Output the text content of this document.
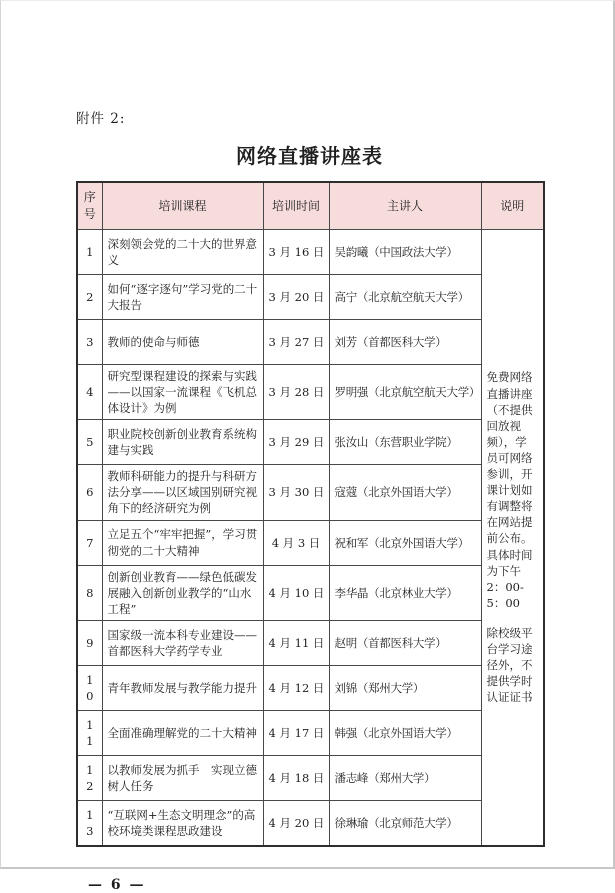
附件 2:
网络直播讲座表
序号	培训课程	培训时间	主讲人	说明
1	深刻领会党的二十大的世界意义	3 月 16 日	吴韵曦（中国政法大学）	免费网络直播讲座（不提供回放视频），学员可网络参训，开课计划如有调整将在网站提前公布。具体时间为下午 2：00-5：00

除校级平台学习途径外，不提供学时认证证书

2	如何“逐字逐句”学习党的二十大报告	3 月 20 日	高宁（北京航空航天大学）	
3	教师的使命与师德	3 月 27 日	刘芳（首都医科大学）	
4	研究型课程建设的探索与实践——以国家一流课程《飞机总体设计》为例	3 月 28 日	罗明强（北京航空航天大学）	
5	职业院校创新创业教育系统构建与实践	3 月 29 日	张汝山（东营职业学院）	
6	教师科研能力的提升与科研方法分享——以区域国别研究视角下的经济研究为例	3 月 30 日	寇蔻（北京外国语大学）	
7	立足五个“牢牢把握”，学习贯彻党的二十大精神	4 月 3 日	祝和军（北京外国语大学）	
8	创新创业教育——绿色低碳发展融入创新创业教学的“山水工程”	4 月 10 日	李华晶（北京林业大学）	
9	国家级一流本科专业建设——首都医科大学药学专业	4 月 11 日	赵明（首都医科大学）	
10	青年教师发展与教学能力提升	4 月 12 日	刘锦（郑州大学）	
11	全面准确理解党的二十大精神	4 月 17 日	韩强（北京外国语大学）	
12	以教师发展为抓手　实现立德树人任务	4 月 18 日	潘志峰（郑州大学）	
13	“互联网+生态文明理念”的高校环境类课程思政建设	4 月 20 日	徐琳瑜（北京师范大学）	
— 6 —
